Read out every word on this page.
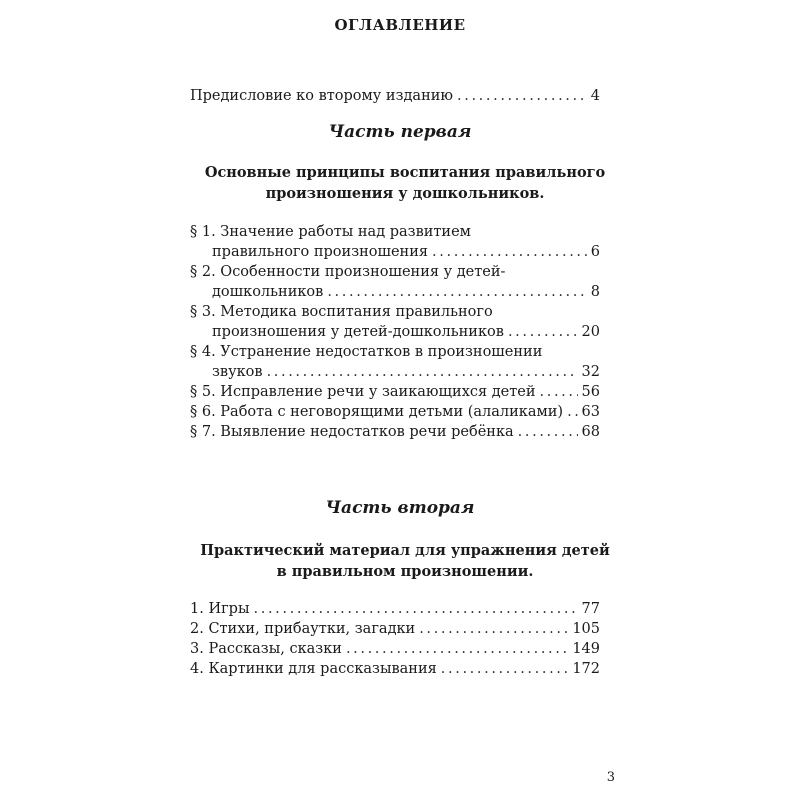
ОГЛАВЛЕНИЕ
Предисловие ко второму изданию . . .	4
Часть первая
Основные принципы воспитания правильного
произношения у дошкольников.
§ 1. Значение работы над развитием
правильного произношения . . .	6
§ 2. Особенности произношения у детей-
дошкольников . . .	8
§ 3. Методика воспитания правильного
произношения у детей-дошкольников . . .	20
§ 4. Устранение недостатков в произношении
звуков . . .	32
§ 5. Исправление речи у заикающихся детей . . .	56
§ 6. Работа с неговорящими детьми (алаликами) . . . 63
§ 7. Выявление недостатков речи ребёнка . . .	68
Часть вторая
Практический материал для упражнения детей
в правильном произношении.
1. Игры . . .	77
2. Стихи, прибаутки, загадки . . .	105
3. Рассказы, сказки . . .	149
4. Картинки для рассказывания . . .	172
3
